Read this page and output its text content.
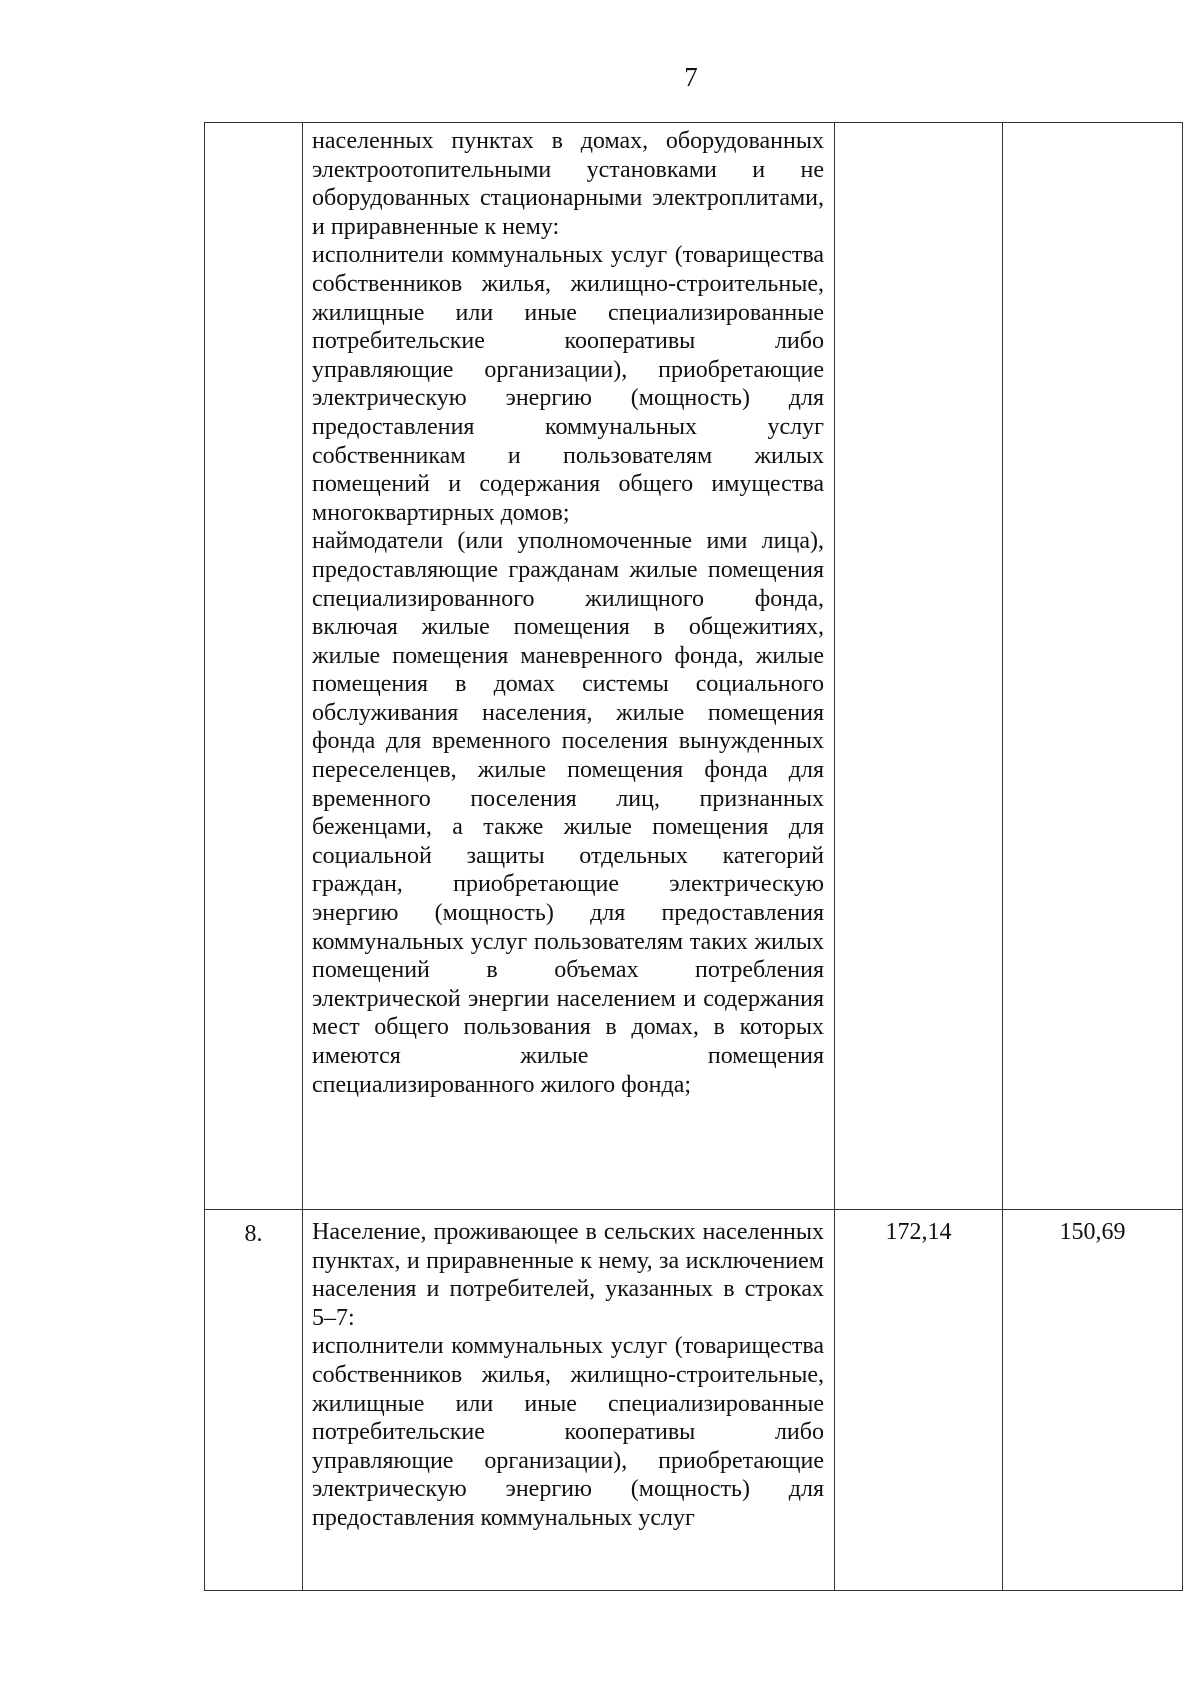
7

	населенных пунктах в домах, оборудованных электроотопительными установками и не оборудованных стационарными электроплитами, и приравненные к нему:
исполнители коммунальных услуг (товарищества собственников жилья, жилищно-строительные, жилищные или иные специализированные потребительские кооперативы либо управляющие организации), приобретающие электрическую энергию (мощность) для предоставления коммунальных услуг собственникам и пользователям жилых помещений и содержания общего имущества многоквартирных домов;
наймодатели (или уполномоченные ими лица), предоставляющие гражданам жилые помещения специализированного жилищного фонда, включая жилые помещения в общежитиях, жилые помещения маневренного фонда, жилые помещения в домах системы социального обслуживания населения, жилые помещения фонда для временного поселения вынужденных переселенцев, жилые помещения фонда для временного поселения лиц, признанных беженцами, а также жилые помещения для социальной защиты отдельных категорий граждан, приобретающие электрическую энергию (мощность) для предоставления коммунальных услуг пользователям таких жилых помещений в объемах потребления электрической энергии населением и содержания мест общего пользования в домах, в которых имеются жилые помещения специализированного жилого фонда;		

8.	Население, проживающее в сельских населенных пунктах, и приравненные к нему, за исключением населения и потребителей, указанных в строках 5–7:
исполнители коммунальных услуг (товарищества собственников жилья, жилищно-строительные, жилищные или иные специализированные потребительские кооперативы либо управляющие организации), приобретающие электрическую энергию (мощность) для предоставления коммунальных услуг	172,14	150,69
